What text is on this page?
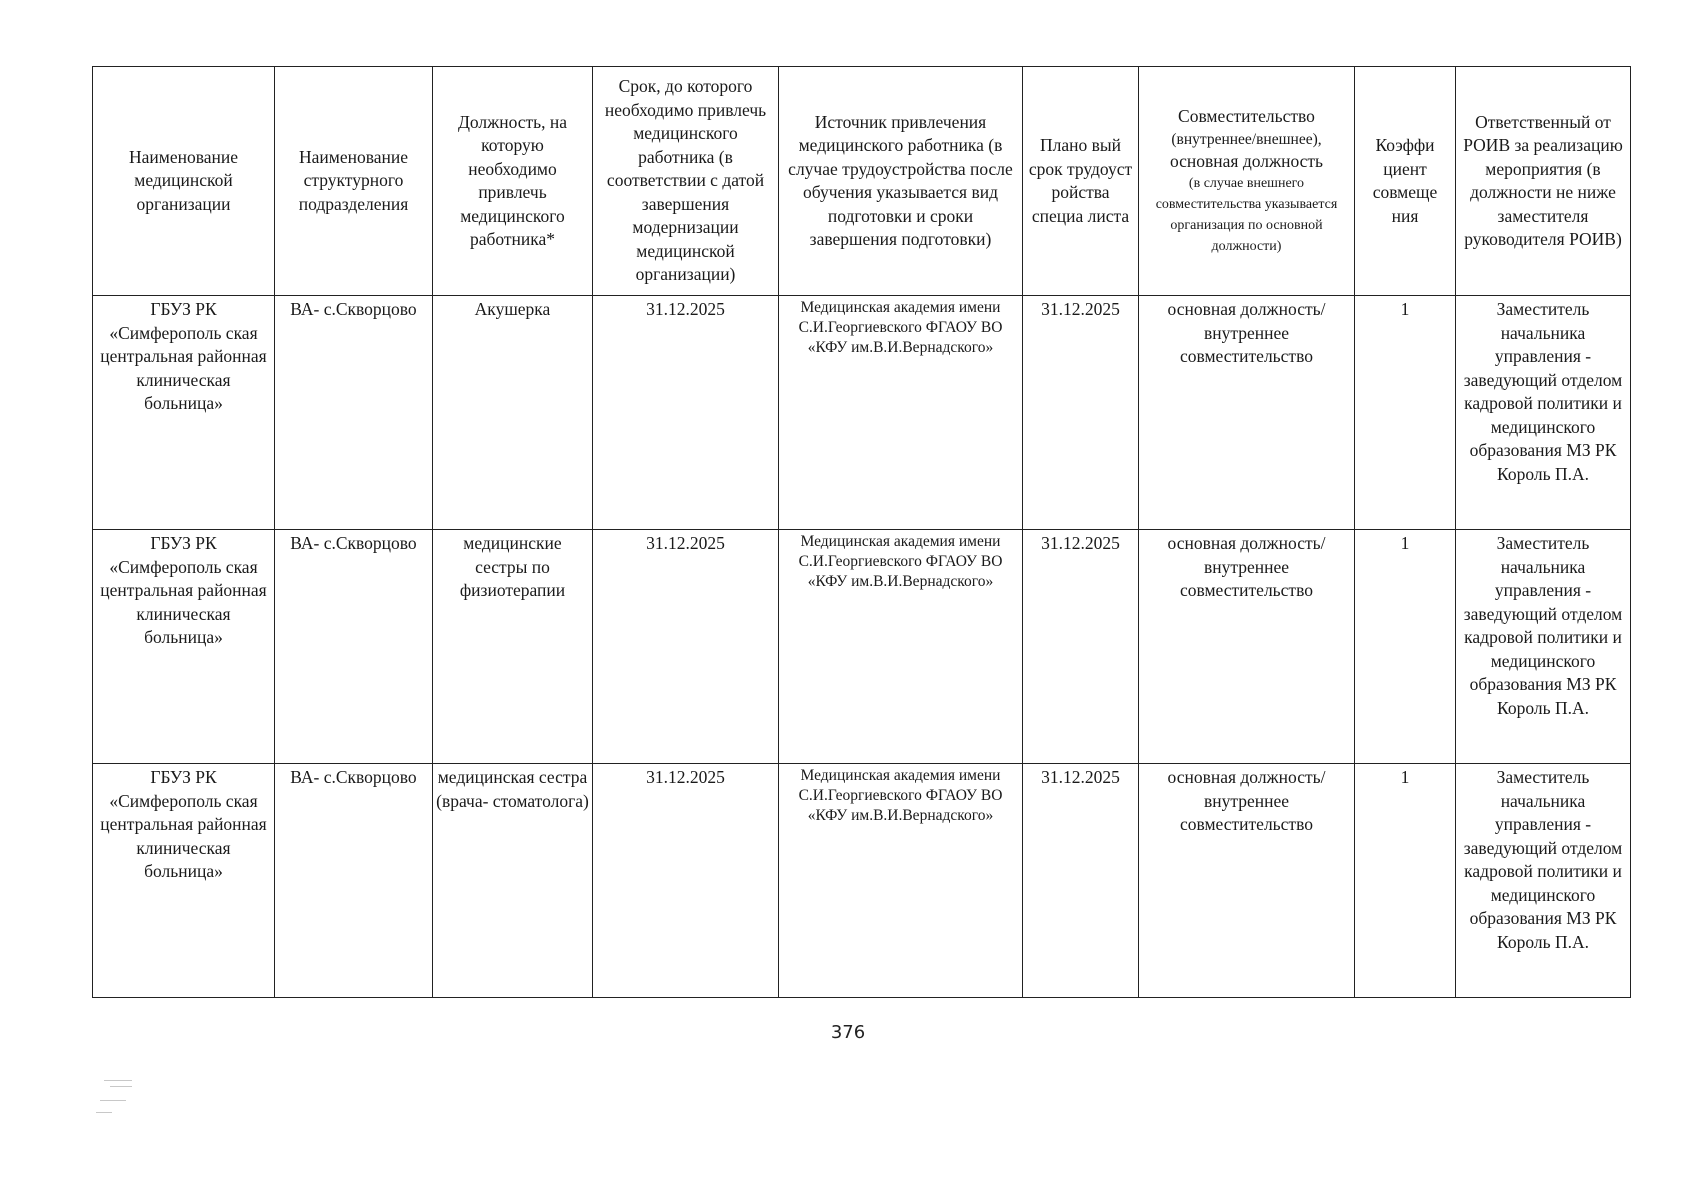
Наименование медицинской организации	Наименование структурного подразделения	Должность, на которую необходимо привлечь медицинского работника*	Срок, до которого необходимо привлечь медицинского работника (в соответствии с датой завершения модернизации медицинской организации)	Источник привлечения медицинского работника (в случае трудоустройства после обучения указывается вид подготовки и сроки завершения подготовки)	Плано вый срок трудоуст ройства специа листа	Совместительство
(внутреннее/внешнее),
основная должность
(в случае внешнего совместительства указывается организация по основной должности)	Коэффи циент совмеще ния	Ответственный от РОИВ за реализацию мероприятия (в должности не ниже заместителя руководителя РОИВ)
ГБУЗ РК «Симферополь ская центральная районная клиническая больница»	ВА- с.Скворцово	Акушерка	31.12.2025	Медицинская академия имени С.И.Георгиевского ФГАОУ ВО «КФУ им.В.И.Вернадского»	31.12.2025	основная должность/ внутреннее совместительство	1	Заместитель начальника управления - заведующий отделом кадровой политики и медицинского образования МЗ РК Король П.А.
ГБУЗ РК «Симферополь ская центральная районная клиническая больница»	ВА- с.Скворцово	медицинские сестры по физиотерапии	31.12.2025	Медицинская академия имени С.И.Георгиевского ФГАОУ ВО «КФУ им.В.И.Вернадского»	31.12.2025	основная должность/ внутреннее совместительство	1	Заместитель начальника управления - заведующий отделом кадровой политики и медицинского образования МЗ РК Король П.А.
ГБУЗ РК «Симферополь ская центральная районная клиническая больница»	ВА- с.Скворцово	медицинская сестра (врача- стоматолога)	31.12.2025	Медицинская академия имени С.И.Георгиевского ФГАОУ ВО «КФУ им.В.И.Вернадского»	31.12.2025	основная должность/ внутреннее совместительство	1	Заместитель начальника управления - заведующий отделом кадровой политики и медицинского образования МЗ РК Король П.А.
376
